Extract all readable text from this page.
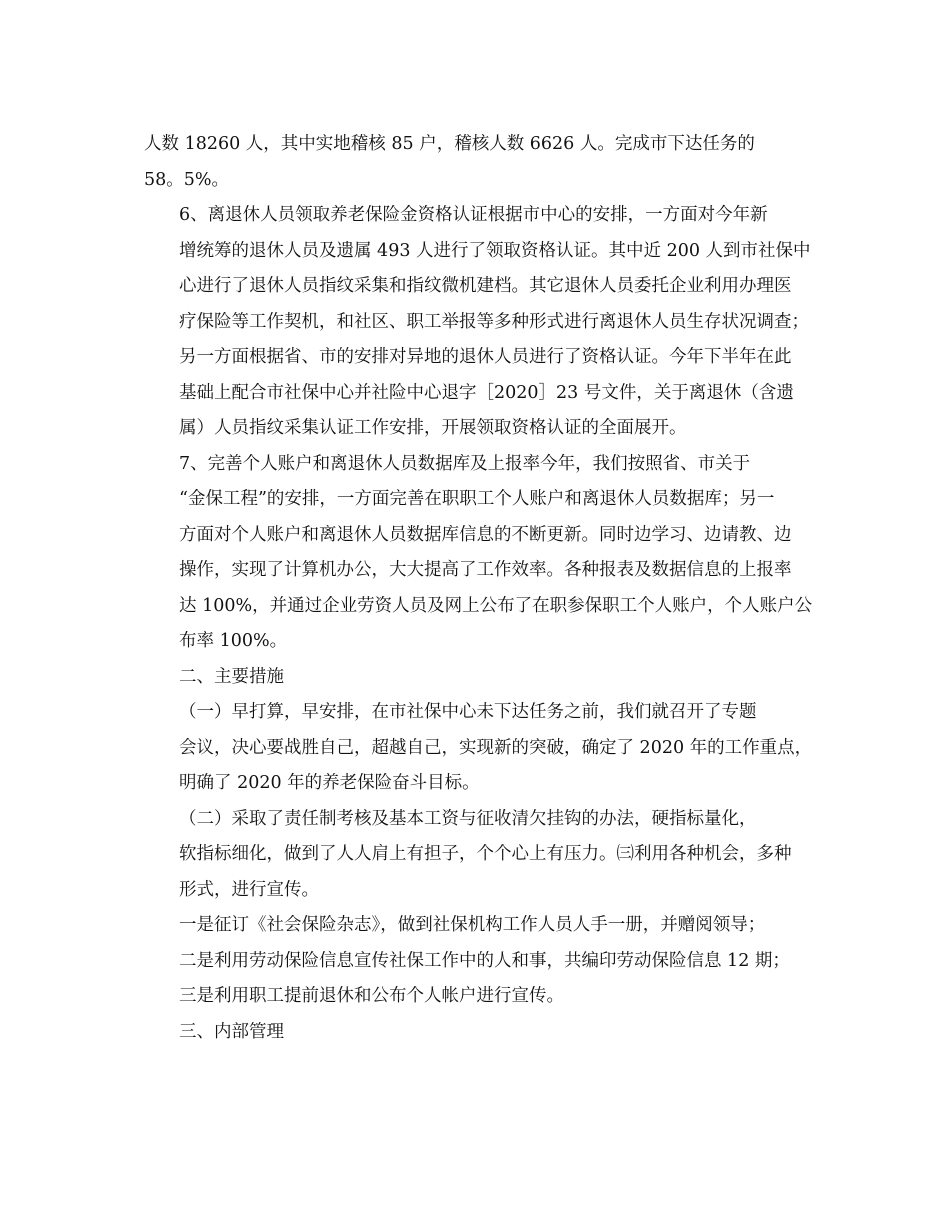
人数 18260 人，其中实地稽核 85 户，稽核人数 6626 人。完成市下达任务的
58。5%。
6、离退休人员领取养老保险金资格认证根据市中心的安排，一方面对今年新
增统筹的退休人员及遗属 493 人进行了领取资格认证。其中近 200 人到市社保中
心进行了退休人员指纹采集和指纹微机建档。其它退休人员委托企业利用办理医
疗保险等工作契机，和社区、职工举报等多种形式进行离退休人员生存状况调查；
另一方面根据省、市的安排对异地的退休人员进行了资格认证。今年下半年在此
基础上配合市社保中心并社险中心退字［2020］23 号文件，关于离退休（含遗
属）人员指纹采集认证工作安排，开展领取资格认证的全面展开。
7、完善个人账户和离退休人员数据库及上报率今年，我们按照省、市关于
“金保工程”的安排，一方面完善在职职工个人账户和离退休人员数据库；另一
方面对个人账户和离退休人员数据库信息的不断更新。同时边学习、边请教、边
操作，实现了计算机办公，大大提高了工作效率。各种报表及数据信息的上报率
达 100%，并通过企业劳资人员及网上公布了在职参保职工个人账户，个人账户公
布率 100%。
二、主要措施
（一）早打算，早安排，在市社保中心未下达任务之前，我们就召开了专题
会议，决心要战胜自己，超越自己，实现新的突破，确定了 2020 年的工作重点，
明确了 2020 年的养老保险奋斗目标。
（二）采取了责任制考核及基本工资与征收清欠挂钩的办法，硬指标量化，
软指标细化，做到了人人肩上有担子，个个心上有压力。㈢利用各种机会，多种
形式，进行宣传。
一是征订《社会保险杂志》，做到社保机构工作人员人手一册，并赠阅领导；
二是利用劳动保险信息宣传社保工作中的人和事，共编印劳动保险信息 12 期；
三是利用职工提前退休和公布个人帐户进行宣传。
三、内部管理
